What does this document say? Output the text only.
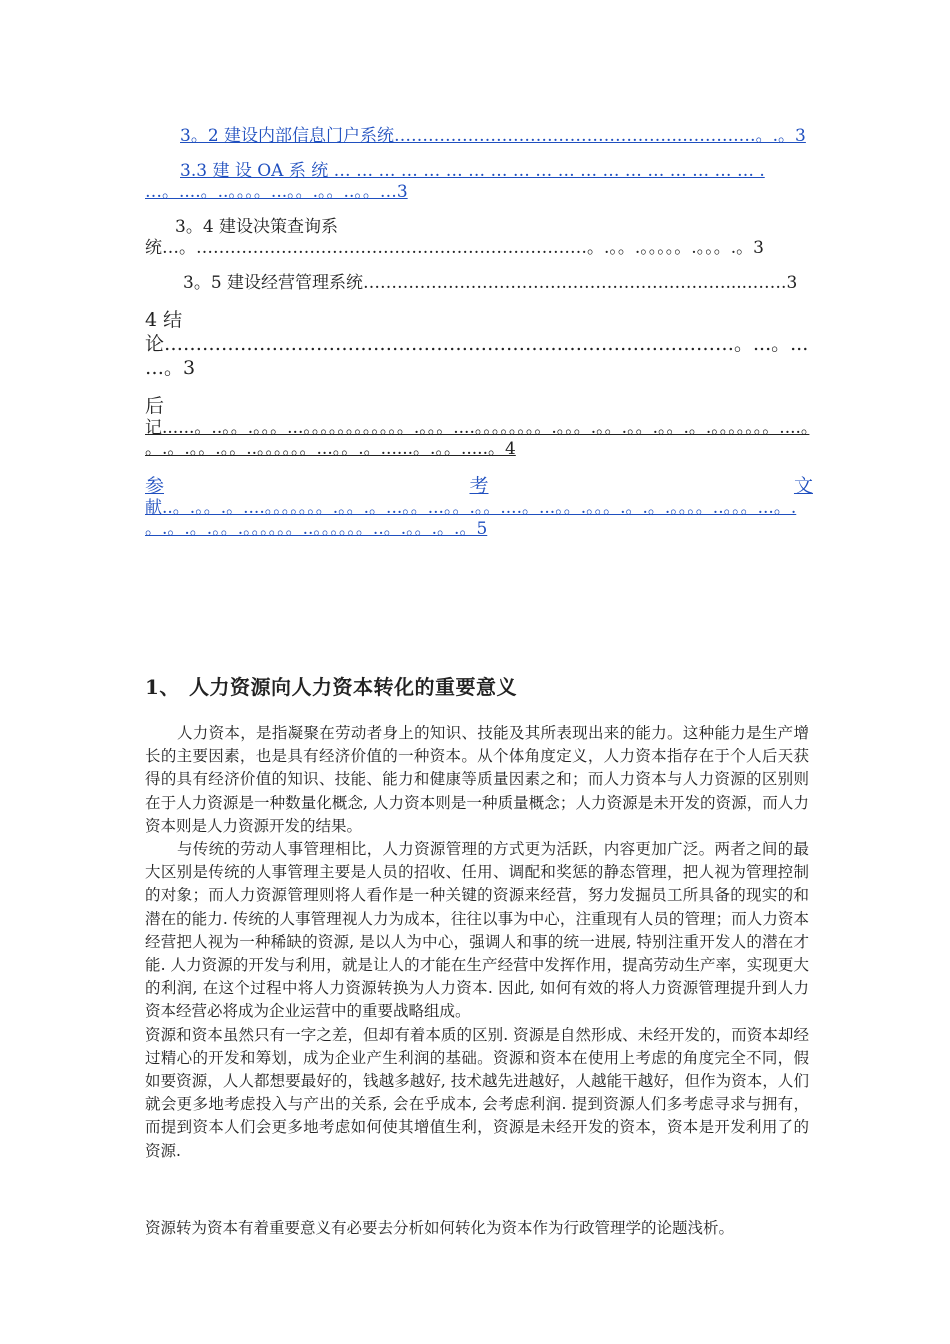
3。2 建设内部信息门户系统…………………………………………...……….…。.。3
3.3 建 设 OA 系 统 … … … … … … … … … … … … … … … … … … … . …。....。..。。。。...。。.。。..。。…3
3。4 建设决策查询系统…。……………………………………………………………。.。。.。。。。。.。。。.。3
3。5 建设经营管理系统……………………………………………….………....…….3
4 结论………………………………………………………………………………。...。...…。3
后
记......。..。。.。。。...。。。。。。。。。。。。.。。。....。。。。。。。。.。。。.。。.。。.。。.。.。。。。。。。....。。.。.。。.。。..。。。。。。...。。.。......。.。。.....。4
参	考	文
献..。.。。.。....。。。。。。。.。。.。...。。...。。.。。....。...。。.。。。.。.。.。。。。..。。。...。.。.。.。.。。.。。。。。。..。。。。。。..。.。。.。.。5
1、 人力资源向人力资本转化的重要意义

人力资本，是指凝聚在劳动者身上的知识、技能及其所表现出来的能力。这种能力是生产增长的主要因素，也是具有经济价值的一种资本。从个体角度定义，人力资本指存在于个人后天获得的具有经济价值的知识、技能、能力和健康等质量因素之和；而人力资本与人力资源的区别则在于人力资源是一种数量化概念, 人力资本则是一种质量概念；人力资源是未开发的资源，而人力资本则是人力资源开发的结果。

与传统的劳动人事管理相比，人力资源管理的方式更为活跃，内容更加广泛。两者之间的最大区别是传统的人事管理主要是人员的招收、任用、调配和奖惩的静态管理，把人视为管理控制的对象；而人力资源管理则将人看作是一种关键的资源来经营，努力发掘员工所具备的现实的和潜在的能力. 传统的人事管理视人力为成本，往往以事为中心，注重现有人员的管理；而人力资本经营把人视为一种稀缺的资源, 是以人为中心，强调人和事的统一进展, 特别注重开发人的潜在才能. 人力资源的开发与利用，就是让人的才能在生产经营中发挥作用，提高劳动生产率，实现更大的利润, 在这个过程中将人力资源转换为人力资本. 因此, 如何有效的将人力资源管理提升到人力资本经营必将成为企业运营中的重要战略组成。

资源和资本虽然只有一字之差，但却有着本质的区别. 资源是自然形成、未经开发的，而资本却经过精心的开发和筹划，成为企业产生利润的基础。资源和资本在使用上考虑的角度完全不同，假如要资源，人人都想要最好的，钱越多越好, 技术越先进越好，人越能干越好，但作为资本，人们就会更多地考虑投入与产出的关系, 会在乎成本, 会考虑利润. 提到资源人们多考虑寻求与拥有，而提到资本人们会更多地考虑如何使其增值生利，资源是未经开发的资本，资本是开发利用了的资源.

资源转为资本有着重要意义有必要去分析如何转化为资本作为行政管理学的论题浅析。
